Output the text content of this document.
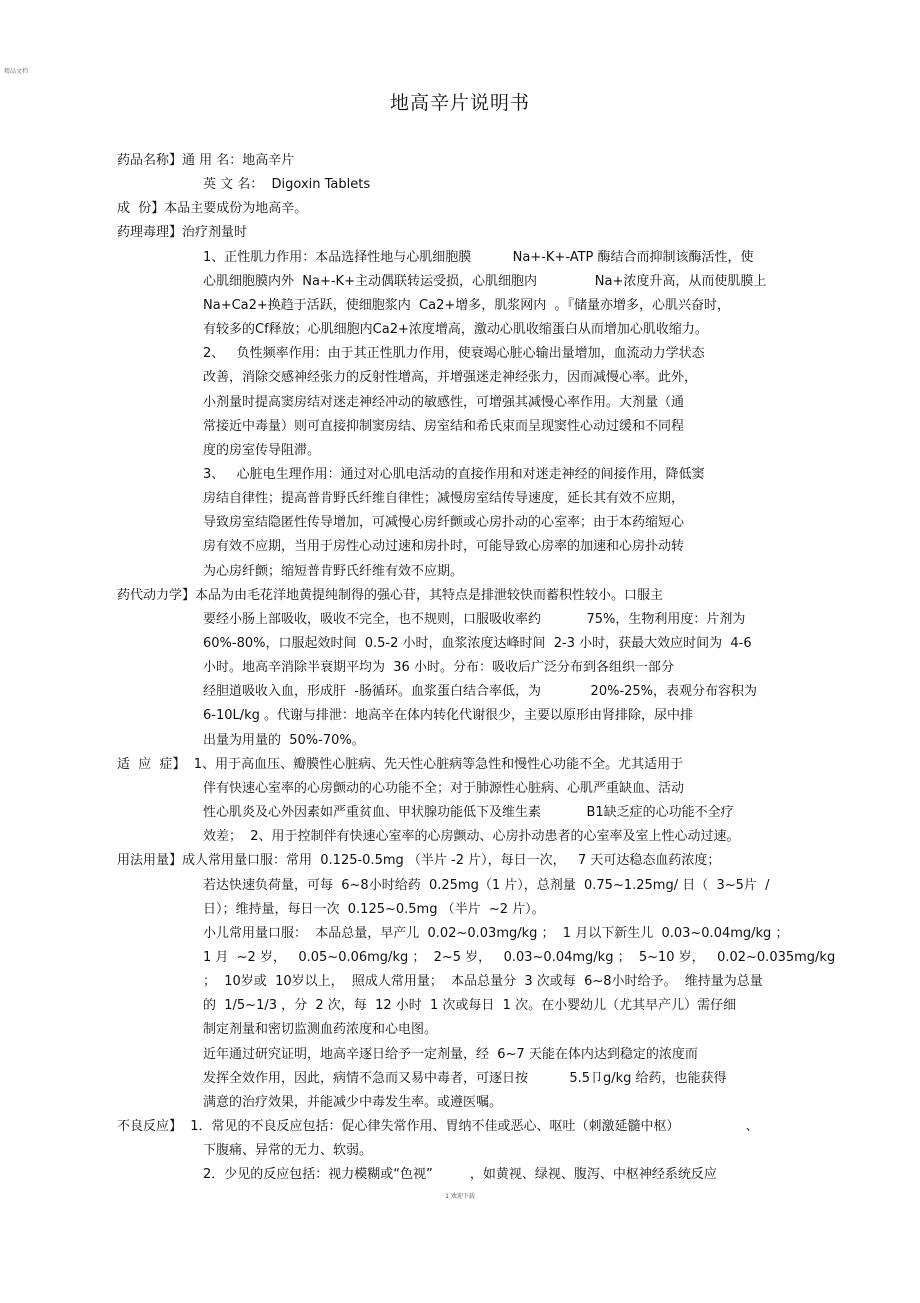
精品文档
地高辛片说明书
药品名称】通 用 名：地高辛片
英 文 名：  Digoxin Tablets
成  份】本品主要成份为地高辛。
药理毒理】治疗剂量时
1、正性肌力作用：本品选择性地与心肌细胞膜          Na+-K+-ATP 酶结合而抑制该酶活性，使
心肌细胞膜内外  Na+-K+主动偶联转运受损，心肌细胞内              Na+浓度升高，从而使肌膜上
Na+Ca2+换趋于活跃，使细胞浆内  Ca2+增多，肌浆网内  。『储量亦增多，心肌兴奋时，
有较多的Cf释放；心肌细胞内Ca2+浓度增高，激动心肌收缩蛋白从而增加心肌收缩力。
2、   负性频率作用：由于其正性肌力作用，使衰竭心脏心输出量增加，血流动力学状态
改善，消除交感神经张力的反射性增高，并增强迷走神经张力，因而减慢心率。此外，
小剂量时提高窦房结对迷走神经冲动的敏感性，可增强其减慢心率作用。大剂量（通
常接近中毒量）则可直接抑制窦房结、房室结和希氏束而呈现窦性心动过缓和不同程
度的房室传导阻滞。
3、   心脏电生理作用：通过对心肌电活动的直接作用和对迷走神经的间接作用，降低窦
房结自律性；提高普肯野氏纤维自律性；减慢房室结传导速度，延长其有效不应期，
导致房室结隐匿性传导增加，可减慢心房纤颤或心房扑动的心室率；由于本药缩短心
房有效不应期，当用于房性心动过速和房扑时，可能导致心房率的加速和心房扑动转
为心房纤颤；缩短普肯野氏纤维有效不应期。
药代动力学】本品为由毛花洋地黄提纯制得的强心苷，其特点是排泄较快而蓄积性较小。口服主
要经小肠上部吸收，吸收不完全，也不规则，口服吸收率约           75%，生物利用度：片剂为
60%-80%，口服起效时间  0.5-2 小时，血浆浓度达峰时间  2-3 小时，获最大效应时间为  4-6
小时。地高辛消除半衰期平均为  36 小时。分布：吸收后广泛分布到各组织一部分
经胆道吸收入血，形成肝  -肠循环。血浆蛋白结合率低，为            20%-25%，表观分布容积为
6-10L/kg 。代谢与排泄：地高辛在体内转化代谢很少，主要以原形由肾排除，尿中排
出量为用量的  50%-70%。
适  应  症】  1、用于高血压、瓣膜性心脏病、先天性心脏病等急性和慢性心功能不全。尤其适用于
伴有快速心室率的心房颤动的心功能不全；对于肺源性心脏病、心肌严重缺血、活动
性心肌炎及心外因素如严重贫血、甲状腺功能低下及维生素           B1缺乏症的心功能不全疗
效差；  2、用于控制伴有快速心室率的心房颤动、心房扑动患者的心室率及室上性心动过速。
用法用量】成人常用量口服：常用  0.125-0.5mg （半片 -2 片），每日一次，   7 天可达稳态血药浓度；
若达快速负荷量，可每  6~8小时给药  0.25mg（1 片），总剂量  0.75~1.25mg/ 日（  3~5片  /
日）；维持量，每日一次  0.125~0.5mg （半片  ~2 片）。
小儿常用量口服：  本品总量，早产儿  0.02~0.03mg/kg ；  1 月以下新生儿  0.03~0.04mg/kg ；
1 月  ~2 岁，   0.05~0.06mg/kg ；  2~5 岁，   0.03~0.04mg/kg ；  5~10 岁，   0.02~0.035mg/kg
；  10岁或  10岁以上，  照成人常用量；  本品总量分  3 次或每  6~8小时给予。  维持量为总量
的  1/5~1/3 ，分  2 次，每  12 小时  1 次或每日  1 次。在小婴幼儿（尤其早产儿）需仔细
制定剂量和密切监测血药浓度和心电图。
近年通过研究证明，地高辛逐日给予一定剂量，经  6~7 天能在体内达到稳定的浓度而
发挥全效作用，因此，病情不急而又易中毒者，可逐日按          5.5卩g/kg 给药，也能获得
满意的治疗效果，并能减少中毒发生率。或遵医嘱。
不良反应】  1．常见的不良反应包括：促心律失常作用、胃纳不佳或恶心、呕吐（刺激延髓中枢）                、
下腹痛、异常的无力、软弱。
2．少见的反应包括：视力模糊或“色视”         ，如黄视、绿视、腹泻、中枢神经系统反应
1 欢迎下载
